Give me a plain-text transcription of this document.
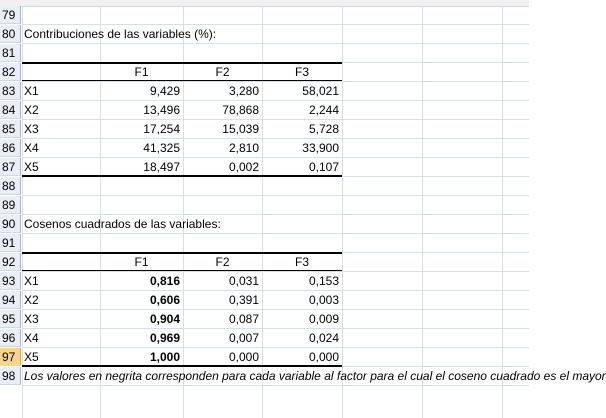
79
80 Contribuciones de las variables (%):
81
82	F1	F2	F3
83 X1	9,429	3,280	58,021
84 X2	13,496	78,868	2,244
85 X3	17,254	15,039	5,728
86 X4	41,325	2,810	33,900
87 X5	18,497	0,002	0,107
88
89
90 Cosenos cuadrados de las variables:
91
92	F1	F2	F3
93 X1	0,816	0,031	0,153
94 X2	0,606	0,391	0,003
95 X3	0,904	0,087	0,009
96 X4	0,969	0,007	0,024
97 X5	1,000	0,000	0,000
98 Los valores en negrita corresponden para cada variable al factor para el cual el coseno cuadrado es el mayor
